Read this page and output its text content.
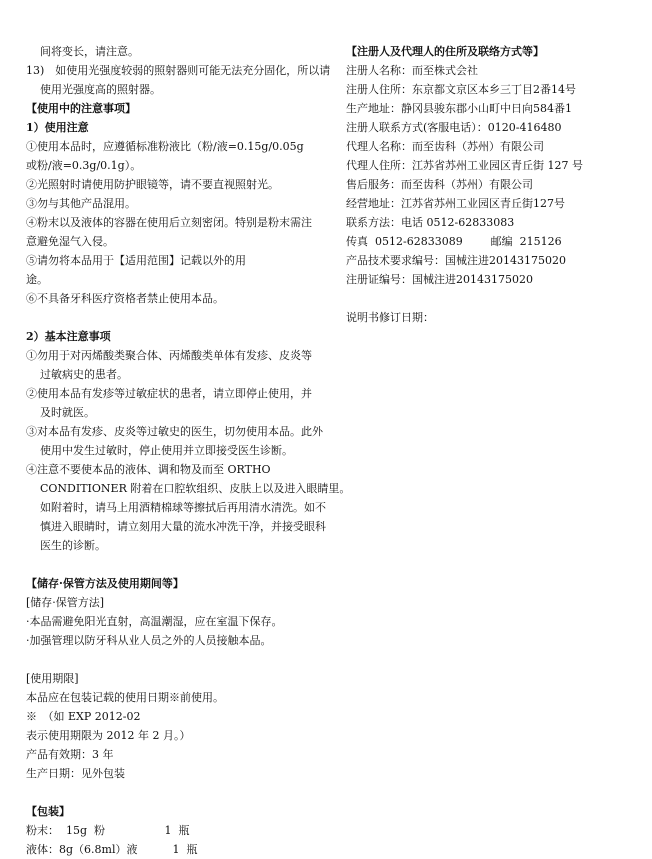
间将变长，请注意。
13)　如使用光强度较弱的照射器则可能无法充分固化，所以请
使用光强度高的照射器。
【使用中的注意事项】
1）使用注意
①使用本品时，应遵循标准粉液比（粉/液=0.15g/0.05g
或粉/液=0.3g/0.1g）。
②光照射时请使用防护眼镜等，请不要直视照射光。
③勿与其他产品混用。
④粉末以及液体的容器在使用后立刻密闭。特别是粉末需注
意避免湿气入侵。
⑤请勿将本品用于【适用范围】记载以外的用
途。
⑥不具备牙科医疗资格者禁止使用本品。
2）基本注意事项
①勿用于对丙烯酸类聚合体、丙烯酸类单体有发疹、皮炎等
过敏病史的患者。
②使用本品有发疹等过敏症状的患者，请立即停止使用，并
及时就医。
③对本品有发疹、皮炎等过敏史的医生，切勿使用本品。此外
使用中发生过敏时，停止使用并立即接受医生诊断。
④注意不要使本品的液体、调和物及而至 ORTHO
CONDITIONER 附着在口腔软组织、皮肤上以及进入眼睛里。
如附着时，请马上用酒精棉球等擦拭后再用清水清洗。如不
慎进入眼睛时，请立刻用大量的流水冲洗干净，并接受眼科
医生的诊断。
【储存·保管方法及使用期间等】
[储存·保管方法]
·本品需避免阳光直射，高温潮湿，应在室温下保存。
·加强管理以防牙科从业人员之外的人员接触本品。
[使用期限]
本品应在包装记载的使用日期※前使用。
※　（如 EXP 2012-02
表示使用期限为 2012 年 2 月。）
产品有效期：3 年
生产日期：见外包装
【包装】
粉末：  15g  粉                 1  瓶
液体：8g（6.8ml）液          1  瓶
【注册人及代理人的住所及联络方式等】
注册人名称：而至株式会社
注册人住所：东京都文京区本乡三丁目2番14号
生产地址：静冈县骏东郡小山町中日向584番1
注册人联系方式(客服电话）：0120-416480
代理人名称：而至齿科（苏州）有限公司
代理人住所：江苏省苏州工业园区青丘街 127 号
售后服务：而至齿科（苏州）有限公司
经营地址：江苏省苏州工业园区青丘街127号
联系方法：电话 0512-62833083
传真  0512-62833089        邮编  215126
产品技术要求编号：国械注进20143175020
注册证编号：国械注进20143175020
说明书修订日期：
